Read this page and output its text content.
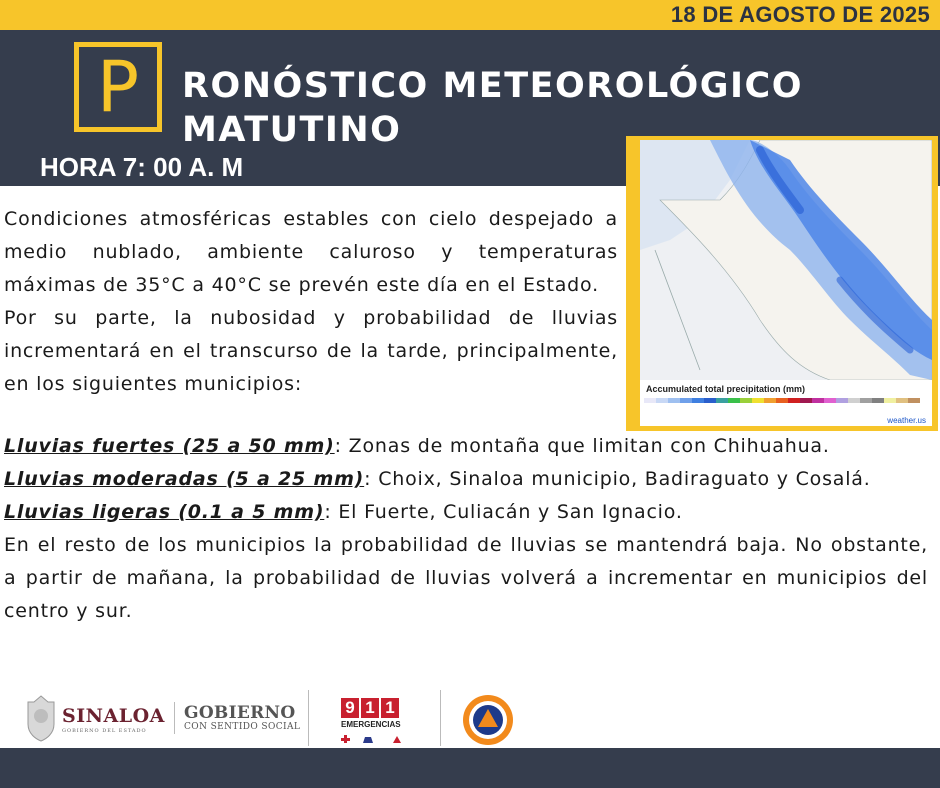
18 DE AGOSTO DE 2025
P	RONÓSTICO METEOROLÓGICO
MATUTINO
HORA 7: 00 A. M
Accumulated total precipitation (mm)
weather.us

Condiciones atmosféricas estables con cielo despejado a medio nublado, ambiente caluroso y temperaturas máximas de 35°C a 40°C se prevén este día en el Estado.

Por su parte, la nubosidad y probabilidad de lluvias incrementará en el transcurso de la tarde, principalmente, en los siguientes municipios:

Lluvias fuertes (25 a 50 mm): Zonas de montaña que limitan con Chihuahua.

Lluvias moderadas (5 a 25 mm): Choix, Sinaloa municipio, Badiraguato y Cosalá.

Lluvias ligeras (0.1 a 5 mm): El Fuerte, Culiacán y San Ignacio.

En el resto de los municipios la probabilidad de lluvias se mantendrá baja. No obstante, a partir de mañana, la probabilidad de lluvias volverá a incrementar en municipios del centro y sur.

SINALOA
GOBIERNO DEL ESTADO
GOBIERNO
CON SENTIDO SOCIAL
9 1 1
EMERGENCIAS
